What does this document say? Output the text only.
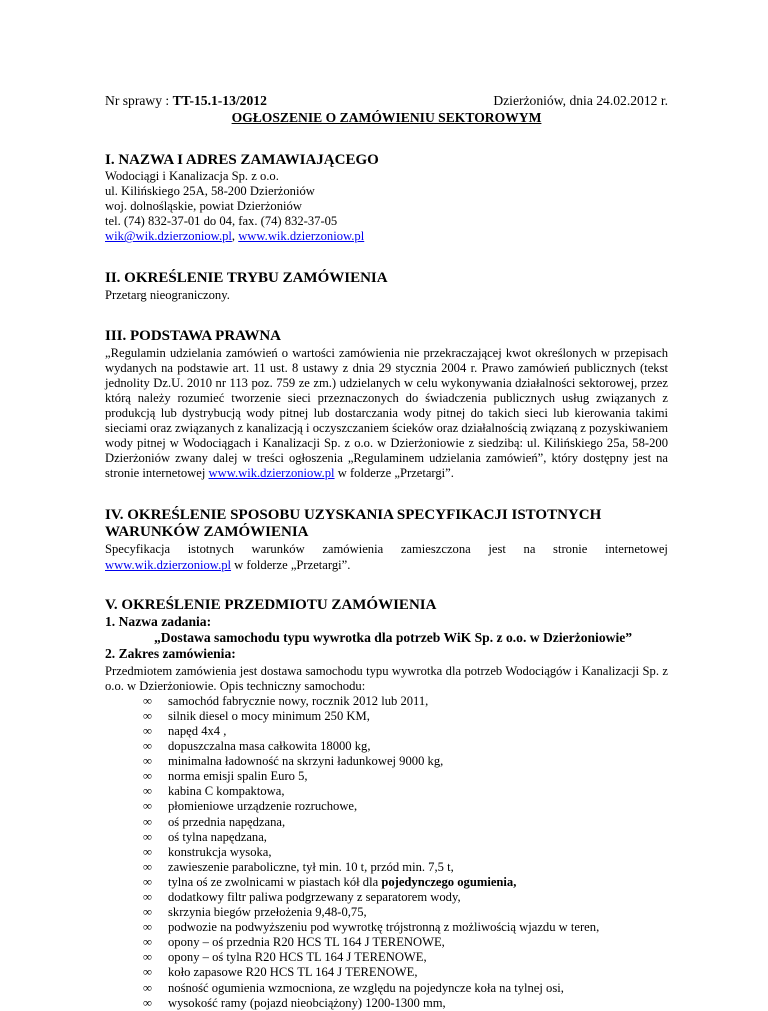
Nr sprawy : TT-15.1-13/2012	Dzierżoniów, dnia 24.02.2012 r.
OGŁOSZENIE O ZAMÓWIENIU SEKTOROWYM
I. NAZWA I ADRES ZAMAWIAJĄCEGO
Wodociągi i Kanalizacja Sp. z o.o.
ul. Kilińskiego 25A, 58-200 Dzierżoniów
woj. dolnośląskie, powiat Dzierżoniów
tel. (74) 832-37-01 do 04, fax. (74) 832-37-05
wik@wik.dzierzoniow.pl, www.wik.dzierzoniow.pl
II. OKREŚLENIE TRYBU ZAMÓWIENIA

Przetarg nieograniczony.

III. PODSTAWA PRAWNA

„Regulamin udzielania zamówień o wartości zamówienia nie przekraczającej kwot określonych w przepisach wydanych na podstawie art. 11 ust. 8 ustawy z dnia 29 stycznia 2004 r. Prawo zamówień publicznych (tekst jednolity Dz.U. 2010 nr 113 poz. 759 ze zm.) udzielanych w celu wykonywania działalności sektorowej, przez którą należy rozumieć tworzenie sieci przeznaczonych do świadczenia publicznych usług związanych z produkcją lub dystrybucją wody pitnej lub dostarczania wody pitnej do takich sieci lub kierowania takimi sieciami oraz związanych z kanalizacją i oczyszczaniem ścieków oraz działalnością związaną z pozyskiwaniem wody pitnej w Wodociągach i Kanalizacji Sp. z o.o. w Dzierżoniowie z siedzibą: ul. Kilińskiego 25a, 58-200 Dzierżoniów zwany dalej w treści ogłoszenia „Regulaminem udzielania zamówień”, który dostępny jest na stronie internetowej www.wik.dzierzoniow.pl w folderze „Przetargi”.

IV. OKREŚLENIE SPOSOBU UZYSKANIA SPECYFIKACJI ISTOTNYCH WARUNKÓW ZAMÓWIENIA
Specyfikacja istotnych warunków zamówienia zamieszczona jest na stronie internetowej
www.wik.dzierzoniow.pl w folderze „Przetargi”.
V. OKREŚLENIE PRZEDMIOTU ZAMÓWIENIA
1. Nazwa zadania:
„Dostawa samochodu typu wywrotka dla potrzeb WiK Sp. z o.o. w Dzierżoniowie”
2. Zakres zamówienia:

Przedmiotem zamówienia jest dostawa samochodu typu wywrotka dla potrzeb Wodociągów i Kanalizacji Sp. z o.o. w Dzierżoniowie. Opis techniczny samochodu:

∞ samochód fabrycznie nowy, rocznik 2012 lub 2011,
∞ silnik diesel o mocy minimum 250 KM,
∞ napęd 4x4 ,
∞ dopuszczalna masa całkowita 18000 kg,
∞ minimalna ładowność na skrzyni ładunkowej 9000 kg,
∞ norma emisji spalin Euro 5,
∞ kabina C kompaktowa,
∞ płomieniowe urządzenie rozruchowe,
∞ oś przednia napędzana,
∞ oś tylna napędzana,
∞ konstrukcja wysoka,
∞ zawieszenie paraboliczne, tył min. 10 t, przód min. 7,5 t,
∞ tylna oś ze zwolnicami w piastach kół dla pojedynczego ogumienia,
∞ dodatkowy filtr paliwa podgrzewany z separatorem wody,
∞ skrzynia biegów przełożenia 9,48-0,75,
∞ podwozie na podwyższeniu pod wywrotkę trójstronną z możliwością wjazdu w teren,
∞ opony – oś przednia R20 HCS TL 164 J TERENOWE,
∞ opony – oś tylna R20 HCS TL 164 J TERENOWE,
∞ koło zapasowe R20 HCS TL 164 J TERENOWE,
∞ nośność ogumienia wzmocniona, ze względu na pojedyncze koła na tylnej osi,
∞ wysokość ramy (pojazd nieobciążony) 1200-1300 mm,
